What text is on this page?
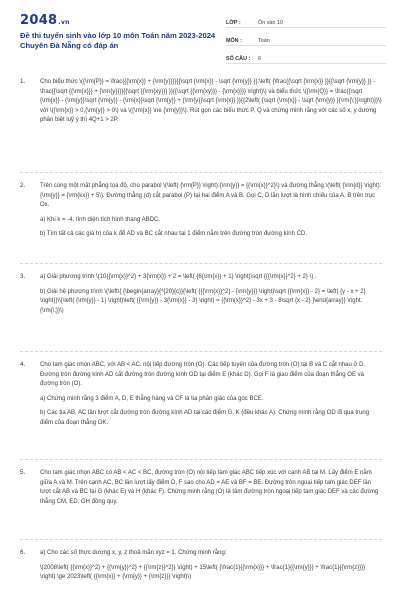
2048.vn
Đề thi tuyển sinh vào lớp 10 môn Toán năm 2023-2024 Chuyên Đà Nẵng có đáp án
LỚP :	Ôn vào 10
MÔN :	Toán
SỐ CÂU :	6
1.	Cho biểu thức \({\rm{P}} = \frac{{{\rm{x}} + {\rm{y}}}}{{\sqrt {\rm{x}} - \sqrt {\rm{y}} }}:\left( {\frac{{\sqrt {\rm{x}} }}{{\sqrt {\rm{y}} }} - \frac{{\sqrt {{\rm{x}}} + {\rm{y}}}}{{\sqrt {{\rm{xy}}} }}{{\sqrt {{\rm{xy}}} - {\rm{x}}}} \right)\) và biểu thức \({\rm{Q}} = \frac{{\sqrt {\rm{x}} - {\rm{y}}\sqrt {\rm{y}} - {\rm{x}}\sqrt {\rm{y}} + {\rm{y}}\sqrt {\rm{x}} }}{{2\left( {\sqrt {\rm{x}} - \sqrt {\rm{y}} }{\rm{\;}}\right)}}\) với \({\rm{x}} > 0,{\rm{y}} > 0\) và \({\rm{x}} \ne {\rm{y}}\). Rút gọn các biểu thức P, Q và chứng minh rằng với các số x, y dương phân biệt luỹ ý thì 4Q+1 > 2P.

2.	Trên cùng một mặt phẳng tọa độ, cho parabol \(\left( {\rm{P}} \right):{\rm{y}} = {{\rm{x}}^2}\) và đường thẳng \(\left( {\rm{d}} \right):{\rm{y}} = {\rm{kx}} + 5\). Đường thẳng (d) cắt parabol (P) tại hai điểm A và B. Gọi C, D lần lượt là hình chiếu của A, B trên trục Ox.

a) Khi k = -4, tính diện tích hình thang ABDC.

b) Tìm tất cả các giá trị của k để AD và BC cắt nhau tại 1 điểm nằm trên đường tròn đường kính CD.

3.	a) Giải phương trình \(10{{\rm{x}}^2} + 3{\rm{x}} + 2 = \left( {6{\rm{x}} + 1} \right)\sqrt {{{\rm{x}}^2} + 2} \) .

b) Giải hệ phương trình \(\left\{ {\begin{array}{*{20}{c}}{\left( {{{\rm{x}}^2} - {\rm{y}}} \right)\sqrt {{\rm{x}} - 2} = \left( {y - x + 2} \right)}\\{\left( {\rm{y}} - 1} \right)\left( {{\rm{y}} - 3{\rm{x}} - 3} \right) = {{\rm{x}}^2} - 3x + 3 - 8\sqrt {x - 2} }\end{array}} \right.{\rm{\;}}\)

4.	Cho tam giác nhọn ABC, với AB < AC, nội tiếp đường tròn (O). Các tiếp tuyến của đường tròn (O) tại B và C cắt nhau ở D. Đường tròn đường kính AD cắt đường tròn đường kính OD tại điểm E (khác D). Gọi F là giao điểm của đoạn thẳng OE và đường tròn (O).

a) Chứng minh rằng 3 điểm A, D, E thẳng hàng và CF là tia phân giác của góc BCE.

b) Các tia AB, AC lần lượt cắt đường tròn đường kính AD tại các điểm G, K (đều khác A). Chứng minh rằng OD đi qua trung điểm của đoạn thẳng GK.

5.	Cho tam giác nhọn ABC có AB < AC < BC, đường tròn (O) nội tiếp tam giác ABC tiếp xúc với cạnh AB tại M. Lấy điểm E nằm giữa A và M. Trên cạnh AC, BC lần lượt lấy điểm D, F sao cho AD = AE và BF = BE. Đường tròn ngoại tiếp tam giác DEF lần lượt cắt AB và BC tại G (khác E) và H (khác F). Chứng minh rằng (O) là tâm đường tròn ngoại tiếp tam giác DEF và các đường thẳng CM, ED, GH đồng quy.

6.	a) Cho các số thực dương x, y, z thoả mãn xyz = 1. Chứng minh rằng:

\(2008\left( {{\rm{x}}^2} + {{\rm{y}}^2} + {{\rm{z}}^2}} \right) + 15\left( {\frac{1}{{\rm{x}}} + \frac{1}{{\rm{y}}} + \frac{1}{{\rm{z}}}} \right) \ge 2023\left( {{\rm{x}} + {\rm{y}} + {\rm{z}}} \right)\)
